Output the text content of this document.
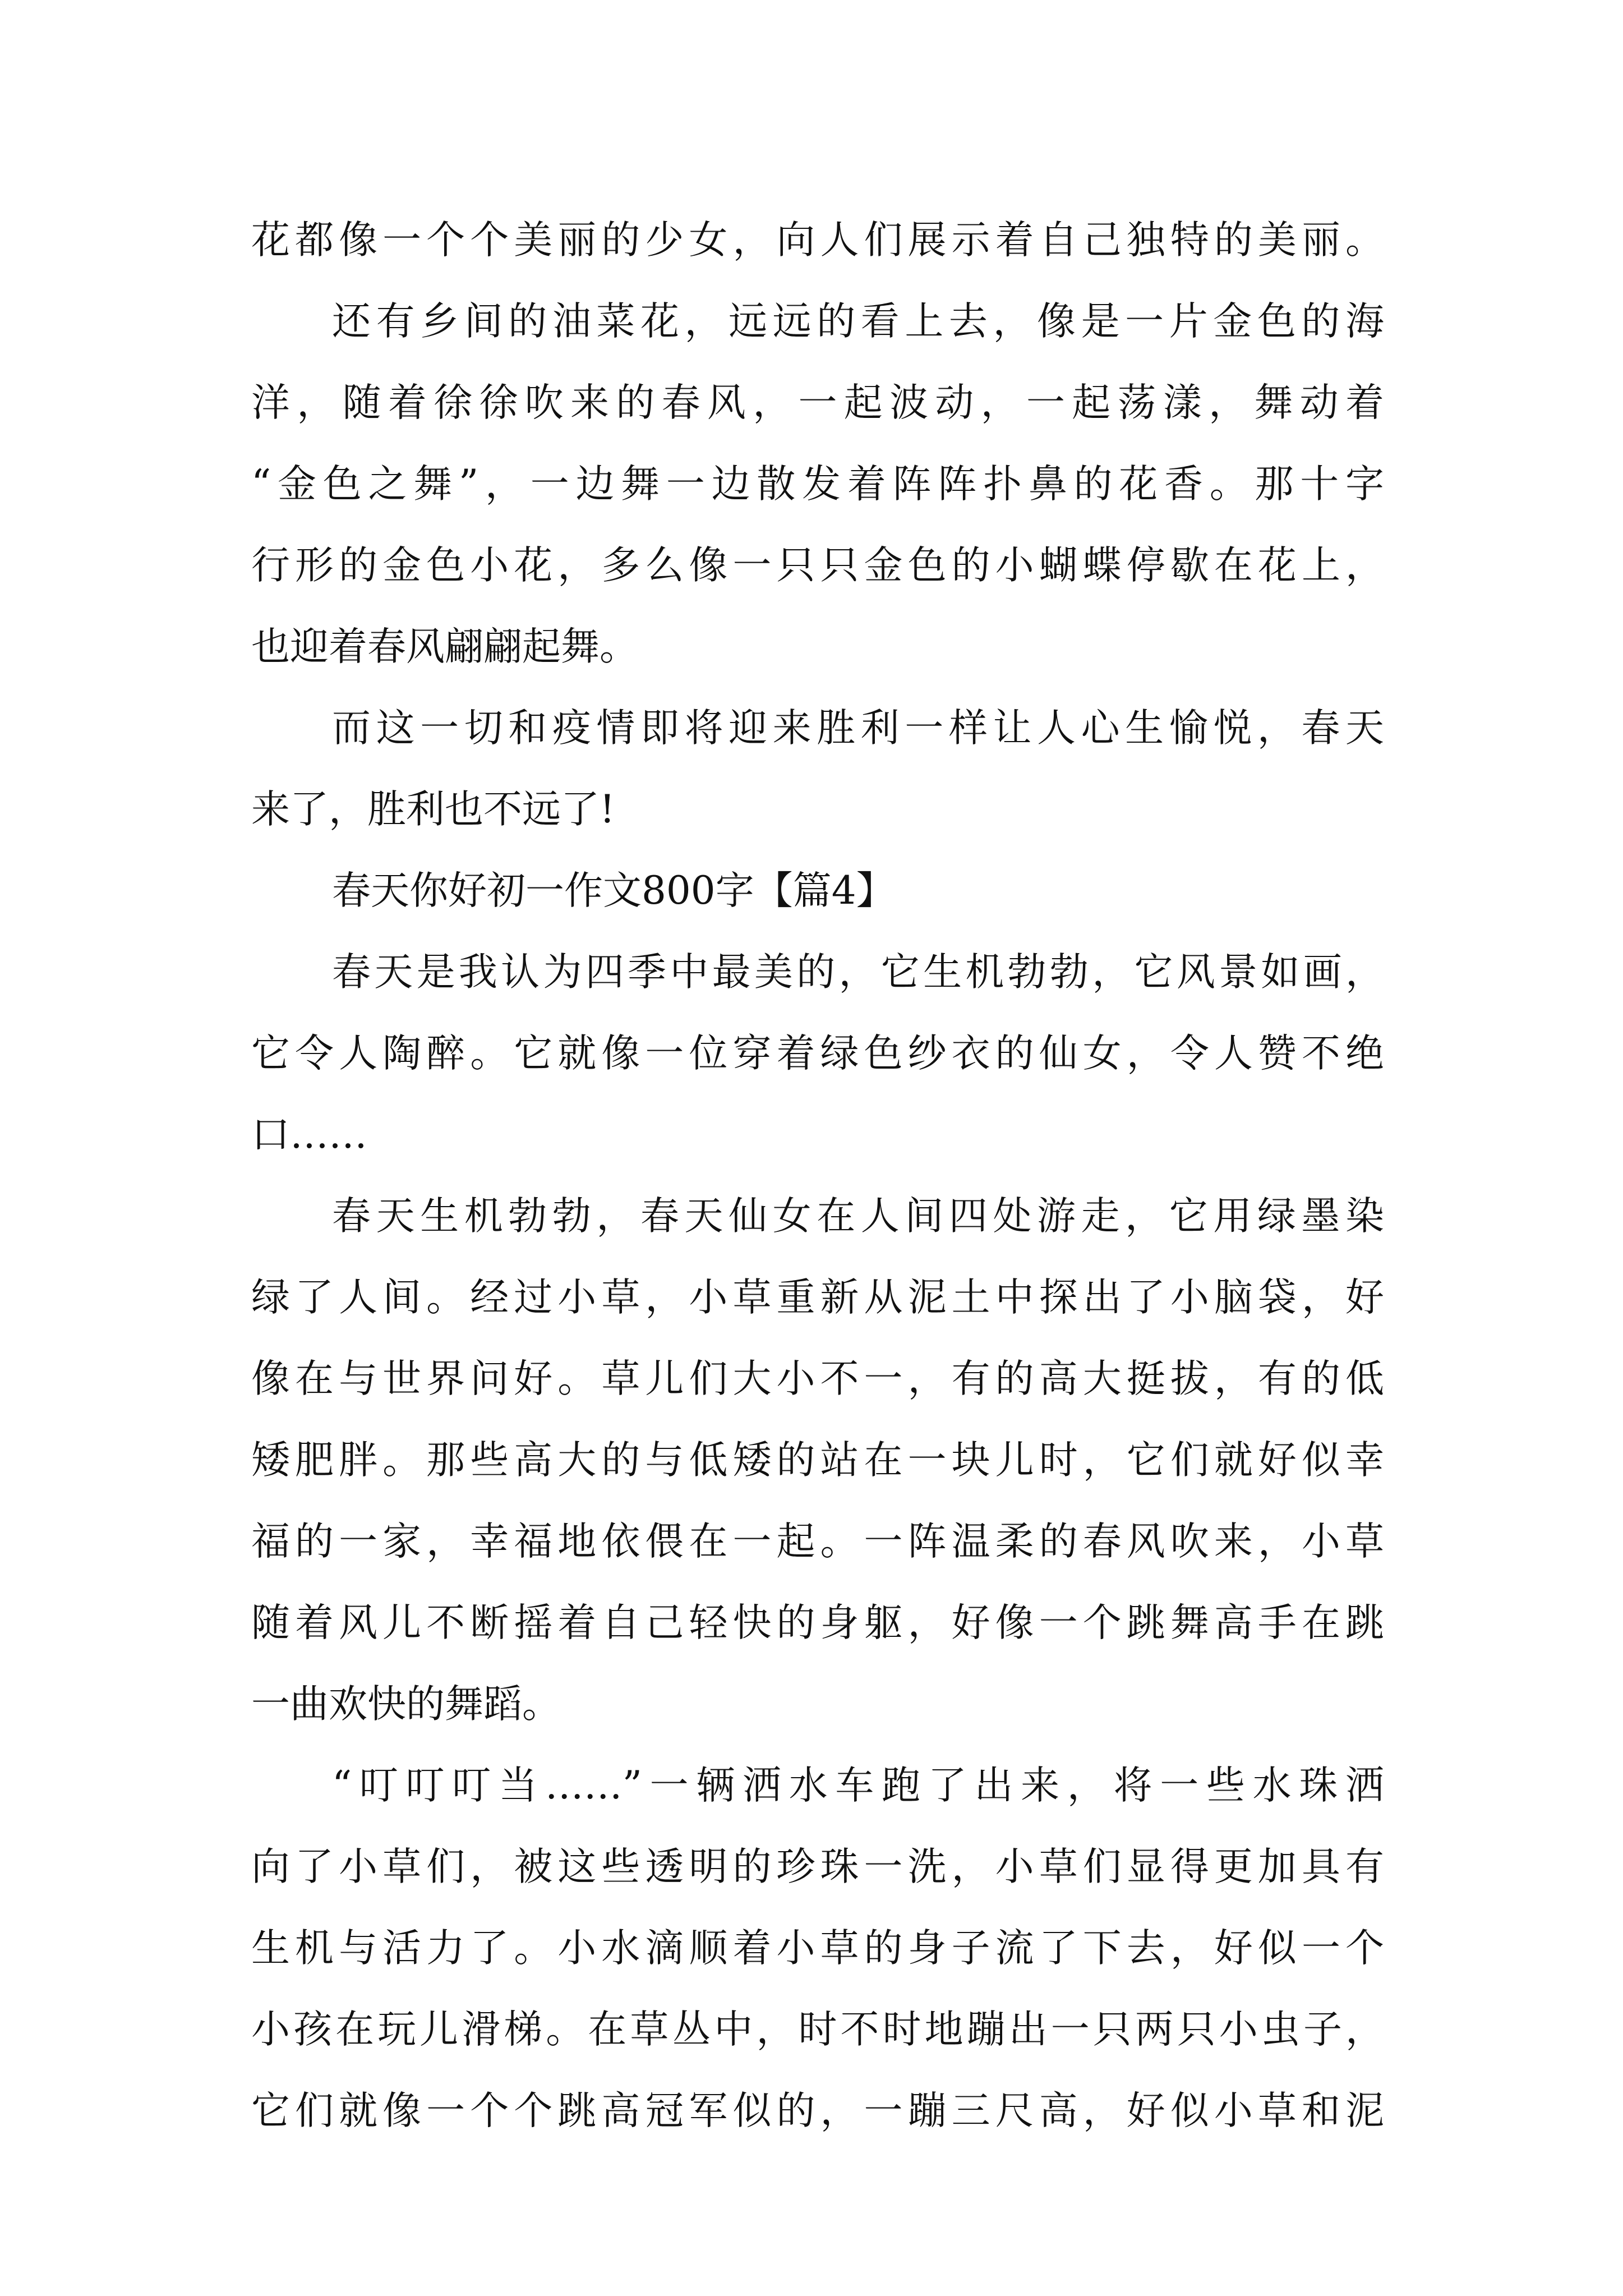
花都像一个个美丽的少女，向人们展示着自己独特的美丽。
还有乡间的油菜花，远远的看上去，像是一片金色的海
洋，随着徐徐吹来的春风，一起波动，一起荡漾，舞动着
“金色之舞”，一边舞一边散发着阵阵扑鼻的花香。那十字
行形的金色小花，多么像一只只金色的小蝴蝶停歇在花上，
也迎着春风翩翩起舞。
而这一切和疫情即将迎来胜利一样让人心生愉悦，春天
来了，胜利也不远了!
春天你好初一作文800字【篇4】
春天是我认为四季中最美的，它生机勃勃，它风景如画，
它令人陶醉。它就像一位穿着绿色纱衣的仙女，令人赞不绝
口……
春天生机勃勃，春天仙女在人间四处游走，它用绿墨染
绿了人间。经过小草，小草重新从泥土中探出了小脑袋，好
像在与世界问好。草儿们大小不一，有的高大挺拔，有的低
矮肥胖。那些高大的与低矮的站在一块儿时，它们就好似幸
福的一家，幸福地依偎在一起。一阵温柔的春风吹来，小草
随着风儿不断摇着自己轻快的身躯，好像一个跳舞高手在跳
一曲欢快的舞蹈。
“叮叮叮当……”一辆洒水车跑了出来，将一些水珠洒
向了小草们，被这些透明的珍珠一洗，小草们显得更加具有
生机与活力了。小水滴顺着小草的身子流了下去，好似一个
小孩在玩儿滑梯。在草丛中，时不时地蹦出一只两只小虫子，
它们就像一个个跳高冠军似的，一蹦三尺高，好似小草和泥
